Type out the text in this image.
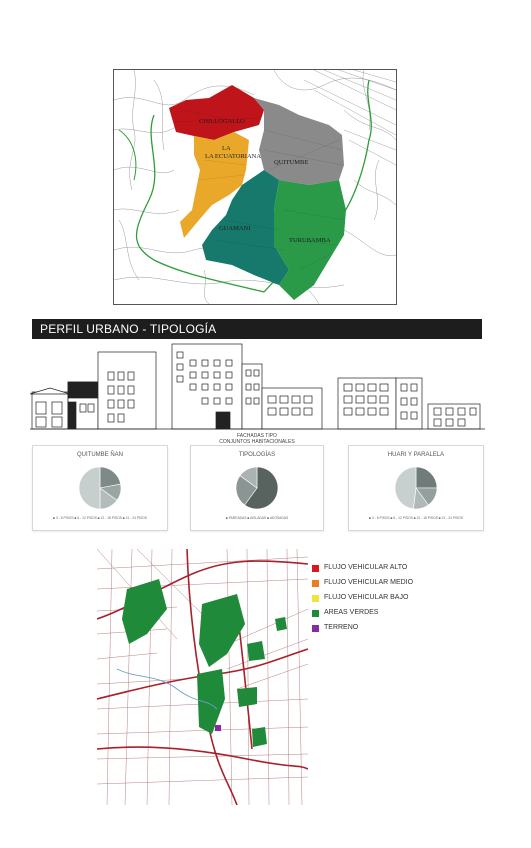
CHILLOGALLO
LA
LA ECUATORIANA
QUITUMBE
GUAMANI
TURUBAMBA
PERFIL URBANO - TIPOLOGÍA
FACHADAS TIPO
CONJUNTOS HABITACIONALES
QUITUMBE ÑAN
■ 3 - 6 PISOS ■ 6 - 12 PISOS ■ 12 - 18 PISOS ■ 21 - 24 PISOS
TIPOLOGÍAS
■ PAREADAS ■ AISLADAS ■ ADOSADAS
HUARI Y PARALELA
■ 3 - 6 PISOS ■ 6 - 12 PISOS ■ 12 - 18 PISOS ■ 21 - 24 PISOS
FLUJO VEHICULAR ALTO
FLUJO VEHICULAR MEDIO
FLUJO VEHICULAR BAJO
AREAS VERDES
TERRENO
